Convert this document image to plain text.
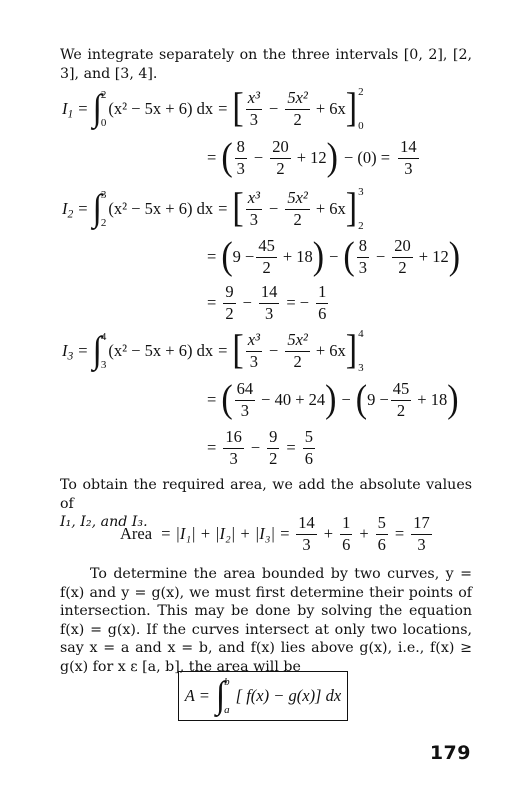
We integrate separately on the three intervals [0, 2], [2, 3], and [3, 4].

$I_1$ = ∫ 2
0
(x² − 5x + 6) dx = [ $\frac{\text{x³}}{3} - \frac{\text{5x²}}{2} + 6x$ ] 2
0
= ( $\frac{8}{3} - \frac{20}{2} + 12$ ) − $(0) = \frac{14}{3}$
$I_2$ = ∫ 3
2
(x² − 5x + 6) dx = [ $\frac{\text{x³}}{3} - \frac{\text{5x²}}{2} + 6x$ ] 3
2
= ( $9 - \frac{45}{2} + 18$ ) − ( $\frac{8}{3} - \frac{20}{2} + 12$ )
= $\frac{9}{2} - \frac{14}{3}$ = − $\frac{1}{6}$
$I_3$ = ∫ 4
3
(x² − 5x + 6) dx = [ $\frac{\text{x³}}{3} - \frac{\text{5x²}}{2} + 6x$ ] 4
3
= ( $\frac{64}{3} - 40 + 24$ ) − ( $9 - \frac{45}{2} + 18$ )
= $\frac{16}{3} - \frac{9}{2} = \frac{5}{6}$
To obtain the required area, we add the absolute values of
I₁, I₂, and I₃.
Area = $|I_1| + |I_2| + |I_3| = \frac{14}{3} + \frac{1}{6} + \frac{5}{6} = \frac{17}{3}$

To determine the area bounded by two curves, y = f(x) and y = g(x), we must first determine their points of intersection. This may be done by solving the equation f(x) = g(x). If the curves intersect at only two locations, say x = a and x = b, and f(x) lies above g(x), i.e., f(x) ≥ g(x) for x ε [a, b], the area will be

A = ∫ b
a
[ f(x) − g(x)] dx
179
